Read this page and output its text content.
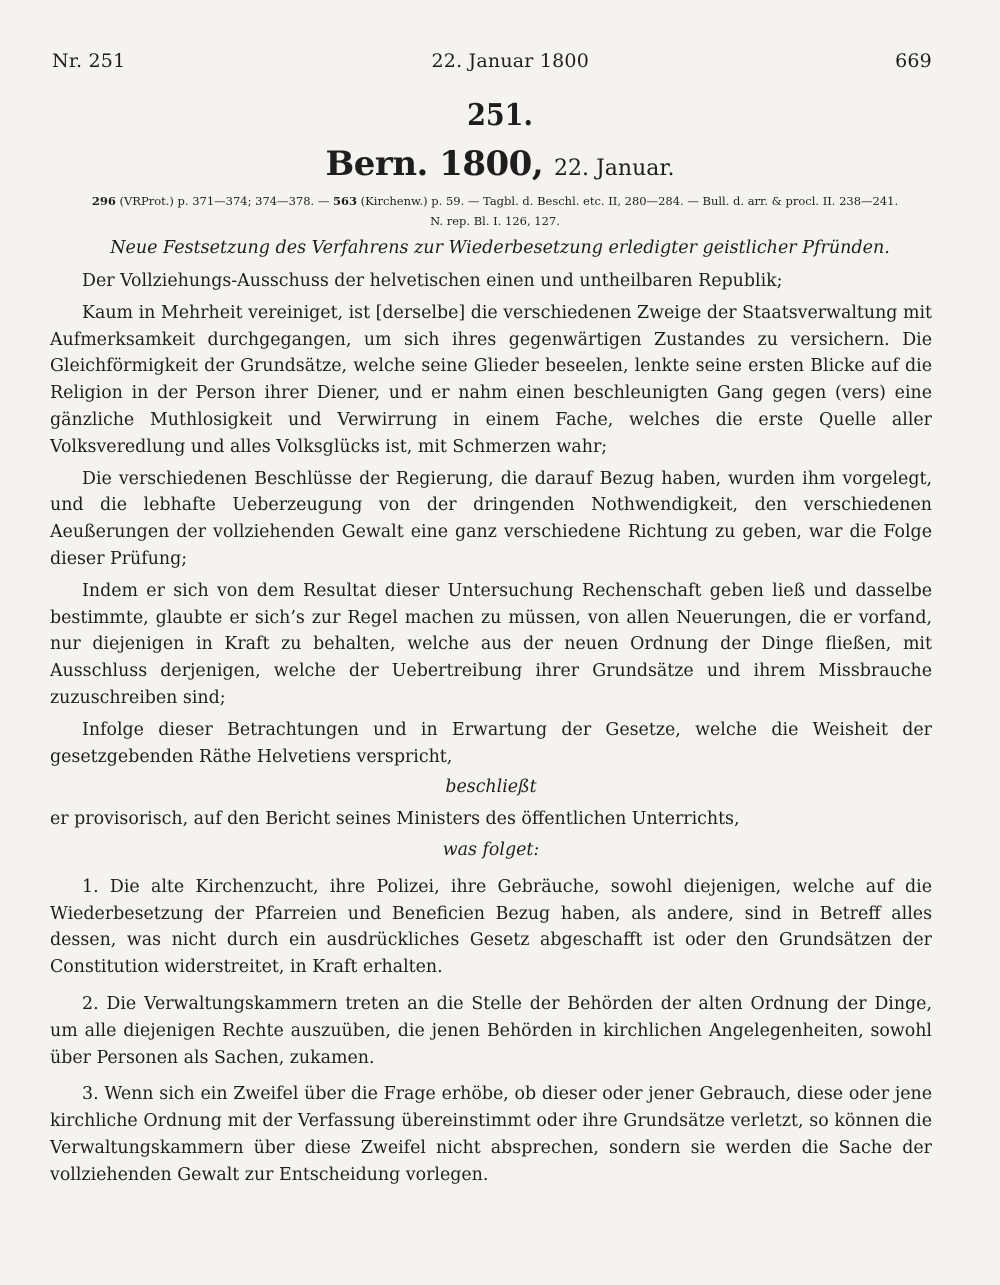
Nr. 251	22. Januar 1800	669
251.
Bern. 1800, 22. Januar.
296 (VRProt.) p. 371—374; 374—378. — 563 (Kirchenw.) p. 59. — Tagbl. d. Beschl. etc. II, 280—284. — Bull. d. arr. & procl. II. 238—241.
N. rep. Bl. I. 126, 127.
Neue Festsetzung des Verfahrens zur Wiederbesetzung erledigter geistlicher Pfründen.

Der Vollziehungs-Ausschuss der helvetischen einen und untheilbaren Republik;

Kaum in Mehrheit vereiniget, ist [derselbe] die verschiedenen Zweige der Staatsverwaltung mit Aufmerksamkeit durchgegangen, um sich ihres gegenwärtigen Zustandes zu versichern. Die Gleichförmigkeit der Grundsätze, welche seine Glieder beseelen, lenkte seine ersten Blicke auf die Religion in der Person ihrer Diener, und er nahm einen beschleunigten Gang gegen (vers) eine gänzliche Muthlosigkeit und Verwirrung in einem Fache, welches die erste Quelle aller Volksveredlung und alles Volksglücks ist, mit Schmerzen wahr;

Die verschiedenen Beschlüsse der Regierung, die darauf Bezug haben, wurden ihm vorgelegt, und die lebhafte Ueberzeugung von der dringenden Nothwendigkeit, den verschiedenen Aeußerungen der vollziehenden Gewalt eine ganz verschiedene Richtung zu geben, war die Folge dieser Prüfung;

Indem er sich von dem Resultat dieser Untersuchung Rechenschaft geben ließ und dasselbe bestimmte, glaubte er sich’s zur Regel machen zu müssen, von allen Neuerungen, die er vorfand, nur diejenigen in Kraft zu behalten, welche aus der neuen Ordnung der Dinge fließen, mit Ausschluss derjenigen, welche der Uebertreibung ihrer Grundsätze und ihrem Missbrauche zuzuschreiben sind;

Infolge dieser Betrachtungen und in Erwartung der Gesetze, welche die Weisheit der gesetzgebenden Räthe Helvetiens verspricht,

beschließt

er provisorisch, auf den Bericht seines Ministers des öffentlichen Unterrichts,

was folget:

1. Die alte Kirchenzucht, ihre Polizei, ihre Gebräuche, sowohl diejenigen, welche auf die Wiederbesetzung der Pfarreien und Beneficien Bezug haben, als andere, sind in Betreff alles dessen, was nicht durch ein ausdrückliches Gesetz abgeschafft ist oder den Grundsätzen der Constitution widerstreitet, in Kraft erhalten.

2. Die Verwaltungskammern treten an die Stelle der Behörden der alten Ordnung der Dinge, um alle diejenigen Rechte auszuüben, die jenen Behörden in kirchlichen Angelegenheiten, sowohl über Personen als Sachen, zukamen.

3. Wenn sich ein Zweifel über die Frage erhöbe, ob dieser oder jener Gebrauch, diese oder jene kirchliche Ordnung mit der Verfassung übereinstimmt oder ihre Grundsätze verletzt, so können die Verwaltungskammern über diese Zweifel nicht absprechen, sondern sie werden die Sache der vollziehenden Gewalt zur Entscheidung vorlegen.
